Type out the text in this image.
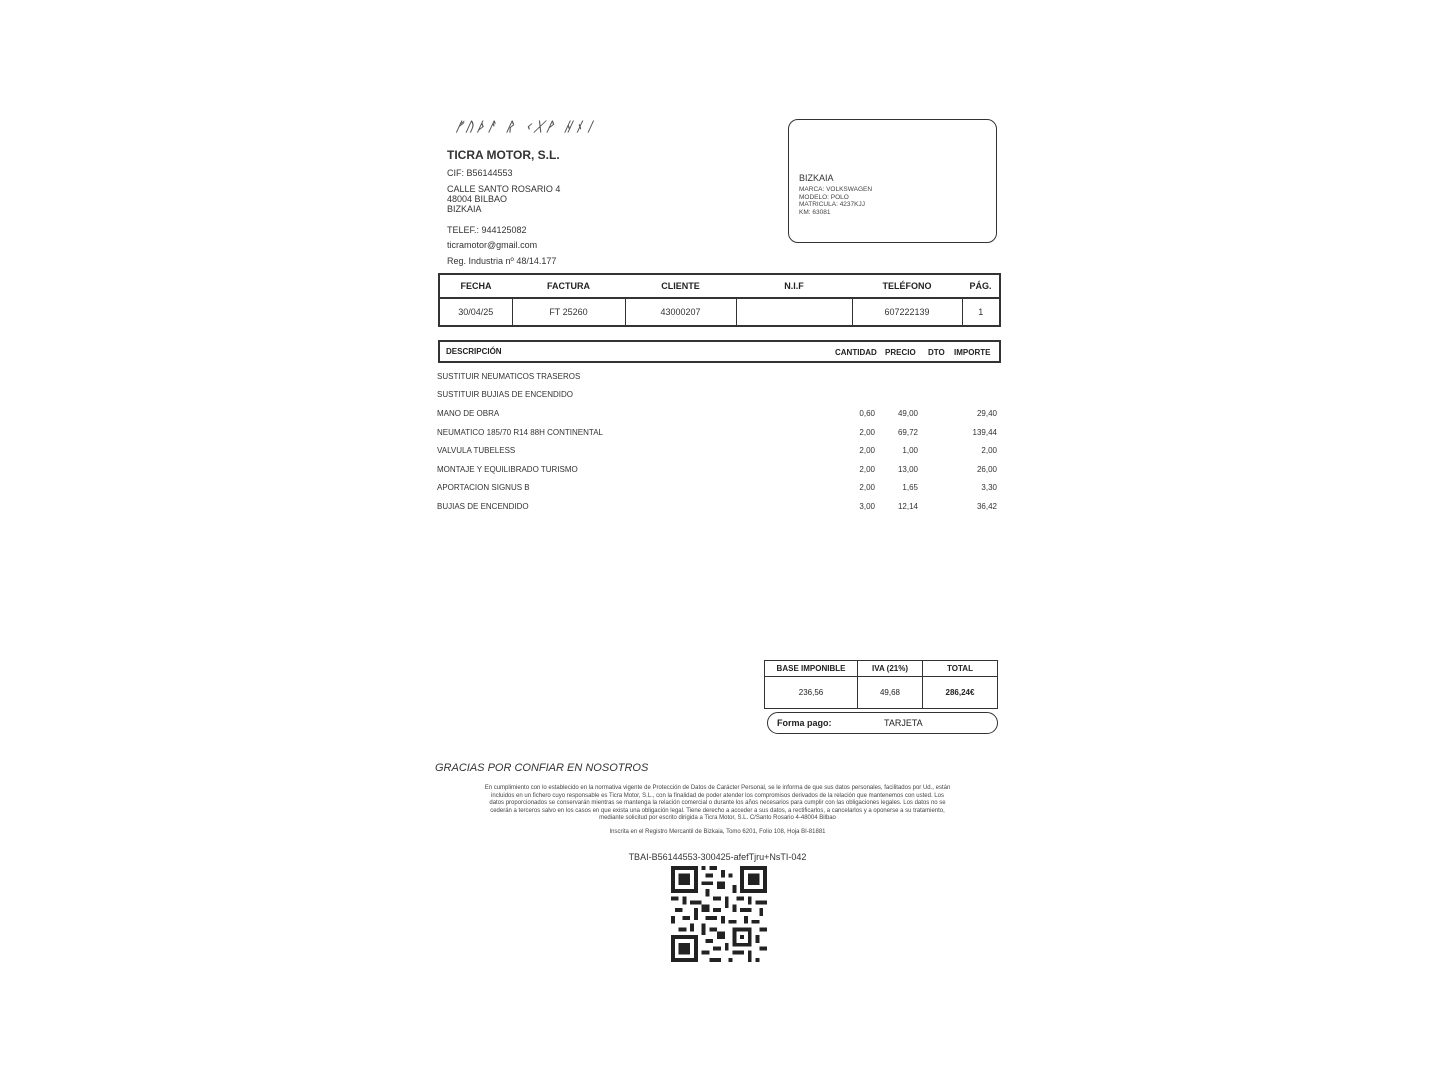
ᚠᚢᚦᚨ ᚱ ᚲᚷᚹ ᚺᚾᛁ
TICRA MOTOR, S.L.
CIF: B56144553
CALLE SANTO ROSARIO 4
48004 BILBAO
BIZKAIA
TELEF.: 944125082
ticramotor@gmail.com
Reg. Industria nº 48/14.177
BIZKAIA
MARCA: VOLKSWAGEN
MODELO: POLO
MATRICULA: 4237KJJ
KM: 63081
FECHA	FACTURA	CLIENTE	N.I.F	TELÉFONO	PÁG.
30/04/25	FT 25260	43000207		607222139	1
DESCRIPCIÓN	CANTIDAD PRECIO DTO IMPORTE
SUSTITUIR NEUMATICOS TRASEROS
SUSTITUIR BUJIAS DE ENCENDIDO
MANO DE OBRA	0,60	49,00	29,40
NEUMATICO 185/70 R14 88H CONTINENTAL	2,00	69,72	139,44
VALVULA TUBELESS	2,00	1,00	2,00
MONTAJE Y EQUILIBRADO TURISMO	2,00	13,00	26,00
APORTACION SIGNUS B	2,00	1,65	3,30
BUJIAS DE ENCENDIDO	3,00	12,14	36,42
BASE IMPONIBLE	IVA (21%)	TOTAL
236,56	49,68	286,24€
Forma pago:	TARJETA
GRACIAS POR CONFIAR EN NOSOTROS
En cumplimiento con lo establecido en la normativa vigente de Protección de Datos de Carácter Personal, se le informa de que sus datos personales, facilitados por Ud., están
incluidos en un fichero cuyo responsable es Ticra Motor, S.L., con la finalidad de poder atender los compromisos derivados de la relación que mantenemos con usted. Los
datos proporcionados se conservarán mientras se mantenga la relación comercial o durante los años necesarios para cumplir con las obligaciones legales. Los datos no se
cederán a terceros salvo en los casos en que exista una obligación legal. Tiene derecho a acceder a sus datos, a rectificarlos, a cancelarlos y a oponerse a su tratamiento,
mediante solicitud por escrito dirigida a Ticra Motor, S.L. C/Santo Rosario 4-48004 Bilbao
Inscrita en el Registro Mercantil de Bizkaia, Tomo 6201, Folio 108, Hoja BI-81881
TBAI-B56144553-300425-afefTjru+NsTI-042
